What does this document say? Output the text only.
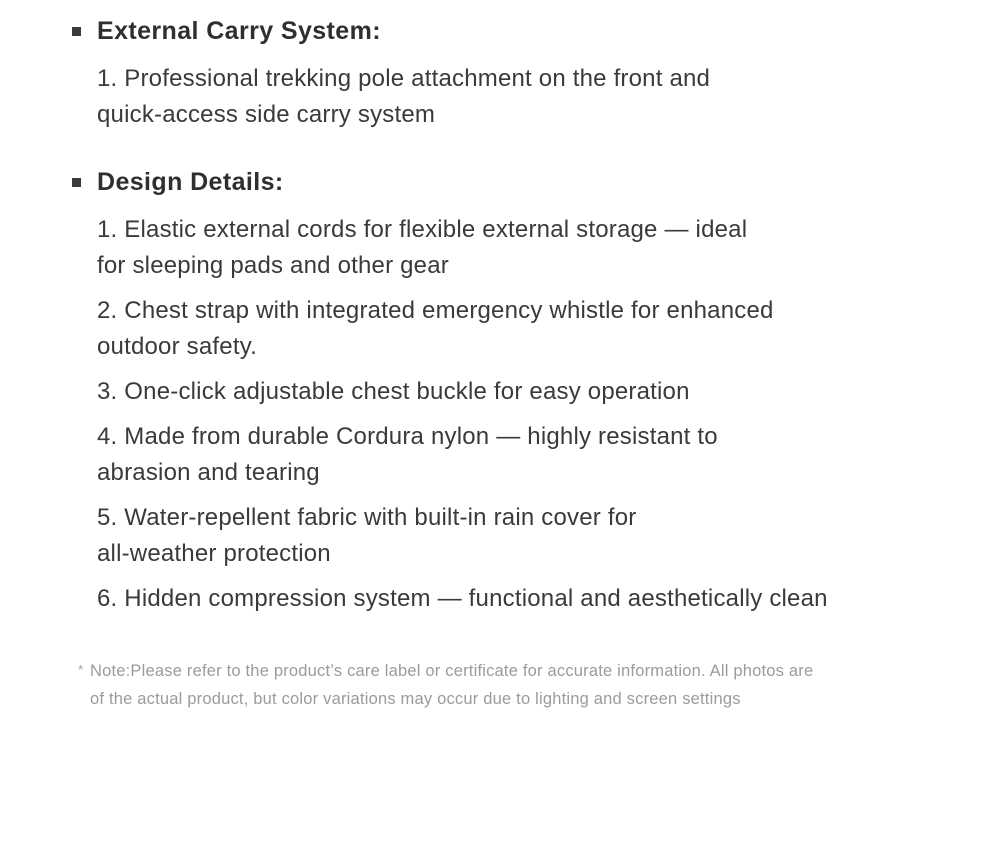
External Carry System:
1. Professional trekking pole attachment on the front and
quick-access side carry system
Design Details:
1. Elastic external cords for flexible external storage — ideal
for sleeping pads and other gear
2. Chest strap with integrated emergency whistle for enhanced
outdoor safety.
3. One-click adjustable chest buckle for easy operation
4. Made from durable Cordura nylon — highly resistant to
abrasion and tearing
5. Water-repellent fabric with built-in rain cover for
all-weather protection
6. Hidden compression system — functional and aesthetically clean
* Note:Please refer to the product’s care label or certificate for accurate information. All photos are
of the actual product, but color variations may occur due to lighting and screen settings
